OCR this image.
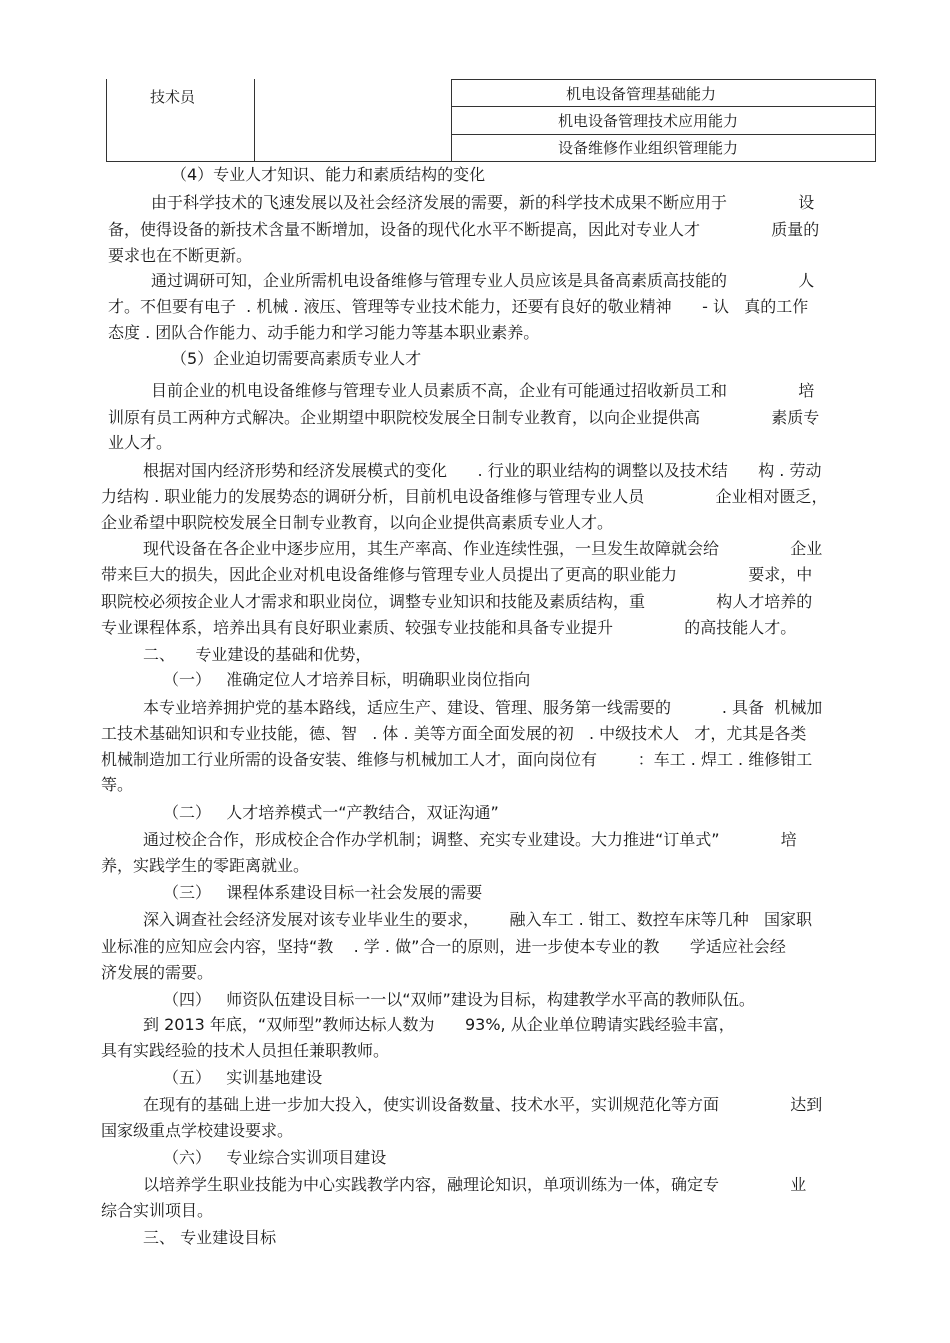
技术员	机电设备管理基础能力
机电设备管理技术应用能力
设备维修作业组织管理能力
（4）专业人才知识、能力和素质结构的变化
由于科学技术的飞速发展以及社会经济发展的需要，新的科学技术成果不断应用于              设
备，使得设备的新技术含量不断增加，设备的现代化水平不断提高，因此对专业人才              质量的
要求也在不断更新。
通过调研可知，企业所需机电设备维修与管理专业人员应该是具备高素质高技能的              人
才。不但要有电子  . 机械 . 液压、管理等专业技术能力，还要有良好的敬业精神      - 认   真的工作
态度 . 团队合作能力、动手能力和学习能力等基本职业素养。
（5）企业迫切需要高素质专业人才
目前企业的机电设备维修与管理专业人员素质不高，企业有可能通过招收新员工和              培
训原有员工两种方式解决。企业期望中职院校发展全日制专业教育，以向企业提供高              素质专
业人才。
根据对国内经济形势和经济发展模式的变化      . 行业的职业结构的调整以及技术结      构 . 劳动
力结构 . 职业能力的发展势态的调研分析，目前机电设备维修与管理专业人员              企业相对匮乏，
企业希望中职院校发展全日制专业教育，以向企业提供高素质专业人才。
现代设备在各企业中逐步应用，其生产率高、作业连续性强，一旦发生故障就会给              企业
带来巨大的损失，因此企业对机电设备维修与管理专业人员提出了更高的职业能力              要求，中
职院校必须按企业人才需求和职业岗位，调整专业知识和技能及素质结构，重              构人才培养的
专业课程体系，培养出具有良好职业素质、较强专业技能和具备专业提升              的高技能人才。
二、    专业建设的基础和优势，
（一）   准确定位人才培养目标，明确职业岗位指向
本专业培养拥护党的基本路线，适应生产、建设、管理、服务第一线需要的          . 具备  机械加
工技术基础知识和专业技能，德、智   . 体 . 美等方面全面发展的初   . 中级技术人   才，尤其是各类
机械制造加工行业所需的设备安装、维修与机械加工人才，面向岗位有        ：车工 . 焊工 . 维修钳工
等。
（二）   人才培养模式一“产教结合，双证沟通”
通过校企合作，形成校企合作办学机制；调整、充实专业建设。大力推进“订单式”            培
养，实践学生的零距离就业。
（三）   课程体系建设目标一社会发展的需要
深入调查社会经济发展对该专业毕业生的要求，      融入车工 . 钳工、数控车床等几种   国家职
业标准的应知应会内容，坚持“教    . 学 . 做”合一的原则，进一步使本专业的教      学适应社会经
济发展的需要。
（四）   师资队伍建设目标一一以“双师”建设为目标，构建教学水平高的教师队伍。
到 2013 年底，“双师型”教师达标人数为      93%, 从企业单位聘请实践经验丰富，
具有实践经验的技术人员担任兼职教师。
（五）   实训基地建设
在现有的基础上进一步加大投入，使实训设备数量、技术水平，实训规范化等方面              达到
国家级重点学校建设要求。
（六）   专业综合实训项目建设
以培养学生职业技能为中心实践教学内容，融理论知识，单项训练为一体，确定专              业
综合实训项目。
三、 专业建设目标
